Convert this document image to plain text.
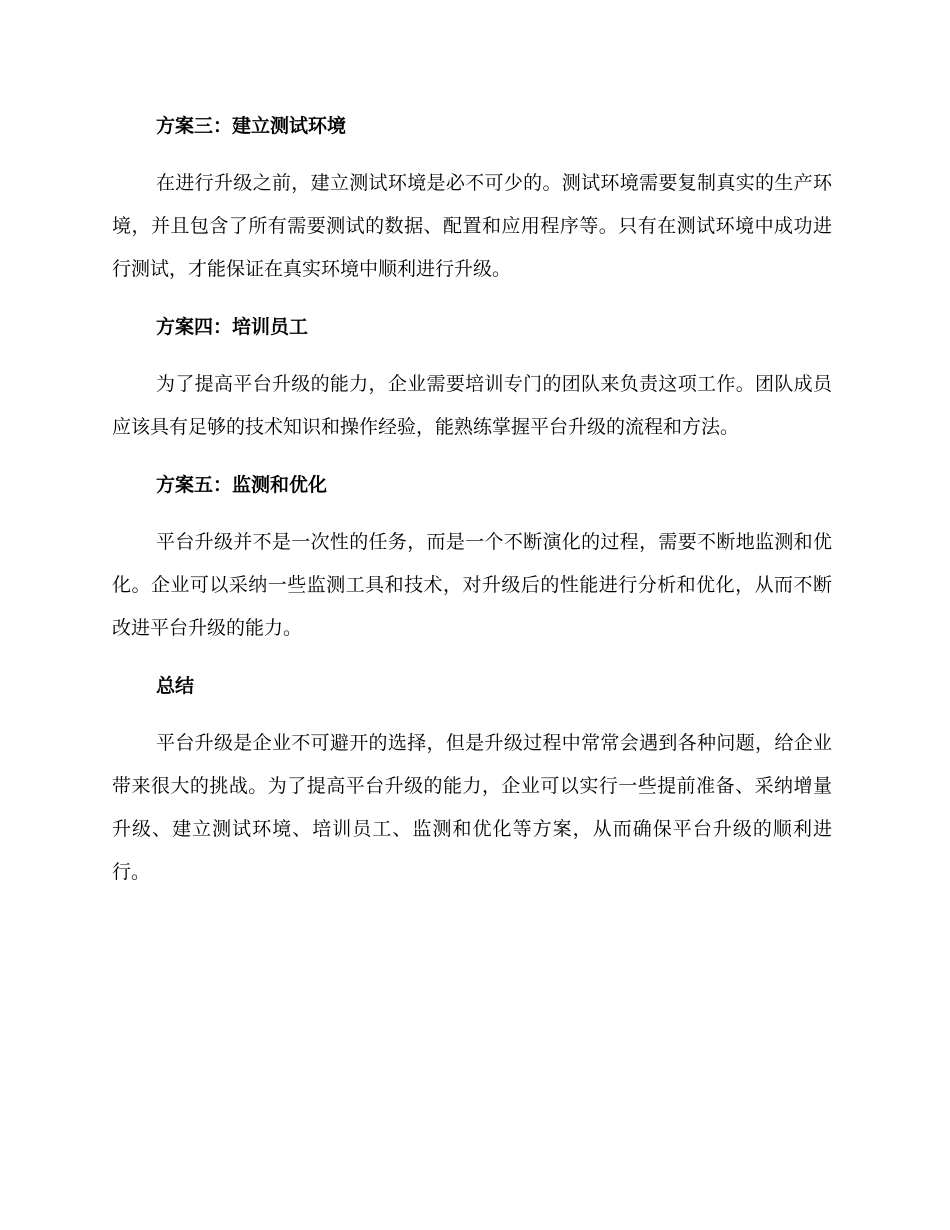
方案三：建立测试环境

在进行升级之前，建立测试环境是必不可少的。测试环境需要复制真实的生产环境，并且包含了所有需要测试的数据、配置和应用程序等。只有在测试环境中成功进行测试，才能保证在真实环境中顺利进行升级。

方案四：培训员工

为了提高平台升级的能力，企业需要培训专门的团队来负责这项工作。团队成员应该具有足够的技术知识和操作经验，能熟练掌握平台升级的流程和方法。

方案五：监测和优化

平台升级并不是一次性的任务，而是一个不断演化的过程，需要不断地监测和优化。企业可以采纳一些监测工具和技术，对升级后的性能进行分析和优化，从而不断改进平台升级的能力。

总结

平台升级是企业不可避开的选择，但是升级过程中常常会遇到各种问题，给企业带来很大的挑战。为了提高平台升级的能力，企业可以实行一些提前准备、采纳增量升级、建立测试环境、培训员工、监测和优化等方案，从而确保平台升级的顺利进行。
